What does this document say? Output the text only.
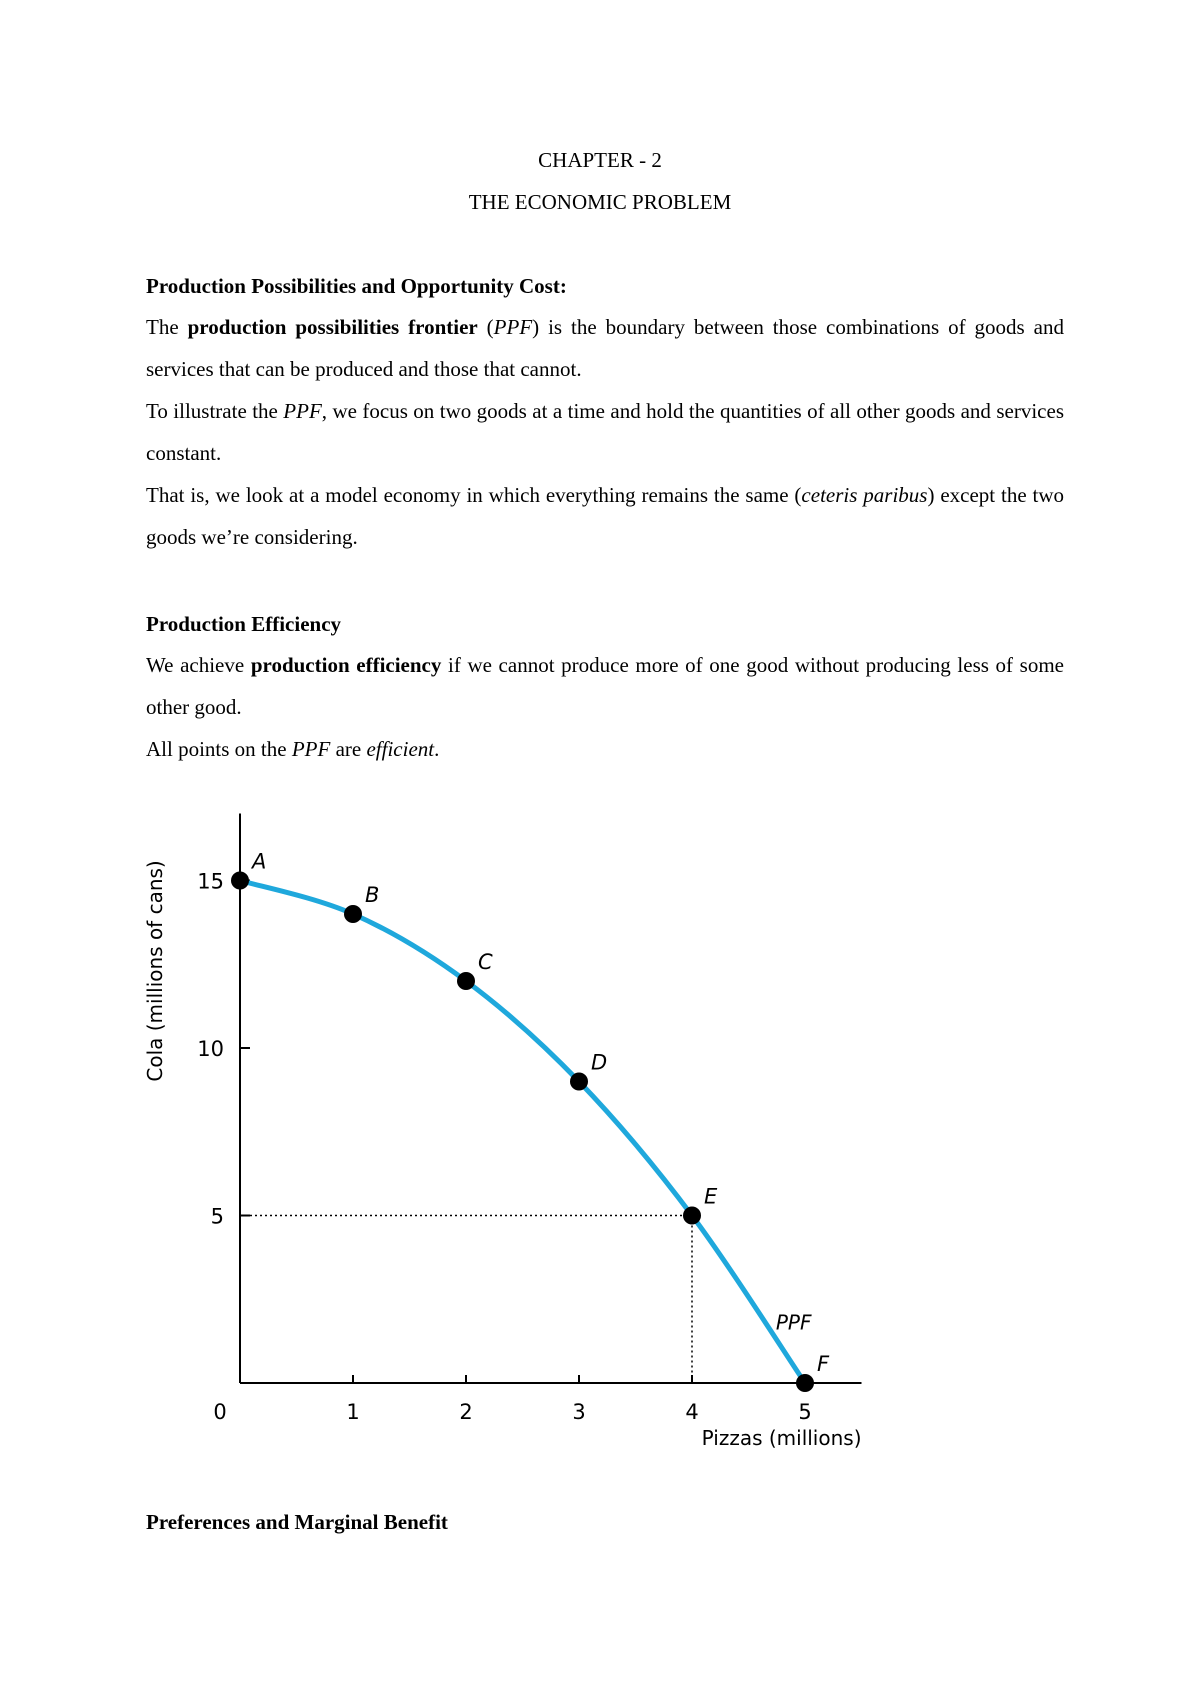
CHAPTER - 2
THE ECONOMIC PROBLEM
Production Possibilities and Opportunity Cost:

The production possibilities frontier (PPF) is the boundary between those combinations of goods and services that can be produced and those that cannot.

To illustrate the PPF, we focus on two goods at a time and hold the quantities of all other goods and services constant.

That is, we look at a model economy in which everything remains the same (ceteris paribus) except the two goods we’re considering.

Production Efficiency

We achieve production efficiency if we cannot produce more of one good without producing less of some other good.

All points on the PPF are efficient.

0	1	2	3	4	5
5
10
15
Pizzas (millions)
Cola (millions of cans)
PPF
A
B
C
D
E
F
Preferences and Marginal Benefit
